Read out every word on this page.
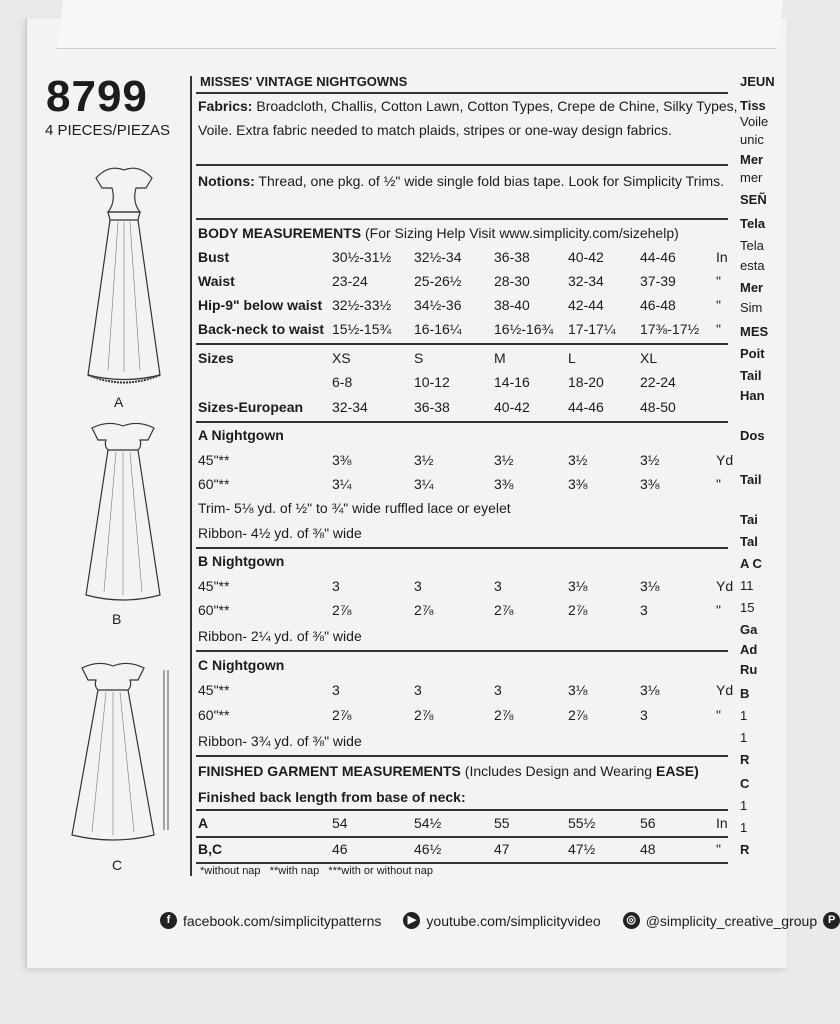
8799
4 PIECES/PIEZAS
A
B
C
MISSES' VINTAGE NIGHTGOWNS
Fabrics: Broadcloth, Challis, Cotton Lawn, Cotton Types, Crepe de Chine, Silky Types,
Voile. Extra fabric needed to match plaids, stripes or one-way design fabrics.
Notions: Thread, one pkg. of ½" wide single fold bias tape. Look for Simplicity Trims.
BODY MEASUREMENTS (For Sizing Help Visit www.simplicity.com/sizehelp)
Bust	30½-31½ 32½-34 36-38	40-42	44-46	In
Waist	23-24	25-26½ 28-30	32-34	37-39	"
Hip-9" below waist 32½-33½ 34½-36 38-40	42-44	46-48	"
Back-neck to waist 15½-15¾ 16-16¼ 16½-16¾ 17-17¼ 17⅜-17½ "
Sizes	XS	S	M	L	XL
6-8	10-12	14-16	18-20	22-24
Sizes-European 32-34	36-38	40-42	44-46	48-50
A Nightgown
45"**	3⅜	3½	3½	3½	3½	Yd
60"**	3¼	3¼	3⅜	3⅜	3⅜	"
Trim- 5⅛ yd. of ½" to ¾" wide ruffled lace or eyelet
Ribbon- 4½ yd. of ⅜" wide
B Nightgown
45"**	3	3	3	3⅛	3⅛	Yd
60"**	2⅞	2⅞	2⅞	2⅞	3	"
Ribbon- 2¼ yd. of ⅜" wide
C Nightgown
45"**	3	3	3	3⅛	3⅛	Yd
60"**	2⅞	2⅞	2⅞	2⅞	3	"
Ribbon- 3¾ yd. of ⅜" wide
FINISHED GARMENT MEASUREMENTS (Includes Design and Wearing EASE)
Finished back length from base of neck:
A	54	54½	55	55½	56	In
B,C	46	46½	47	47½	48	"
*without nap   **with nap   ***with or without nap
JEUN
Tiss
Voile
unic
Mer
mer
SEÑ
Tela
Tela
esta
Mer
Sim
MES
Poit
Tail
Han
Dos
Tail
Tai
Tal
A C
11
15
Ga
Ad
Ru
B
1
1
R
C
1
1
R
f facebook.com/simplicitypatterns	▶ youtube.com/simplicityvideo	◎ @simplicity_creative_group P
